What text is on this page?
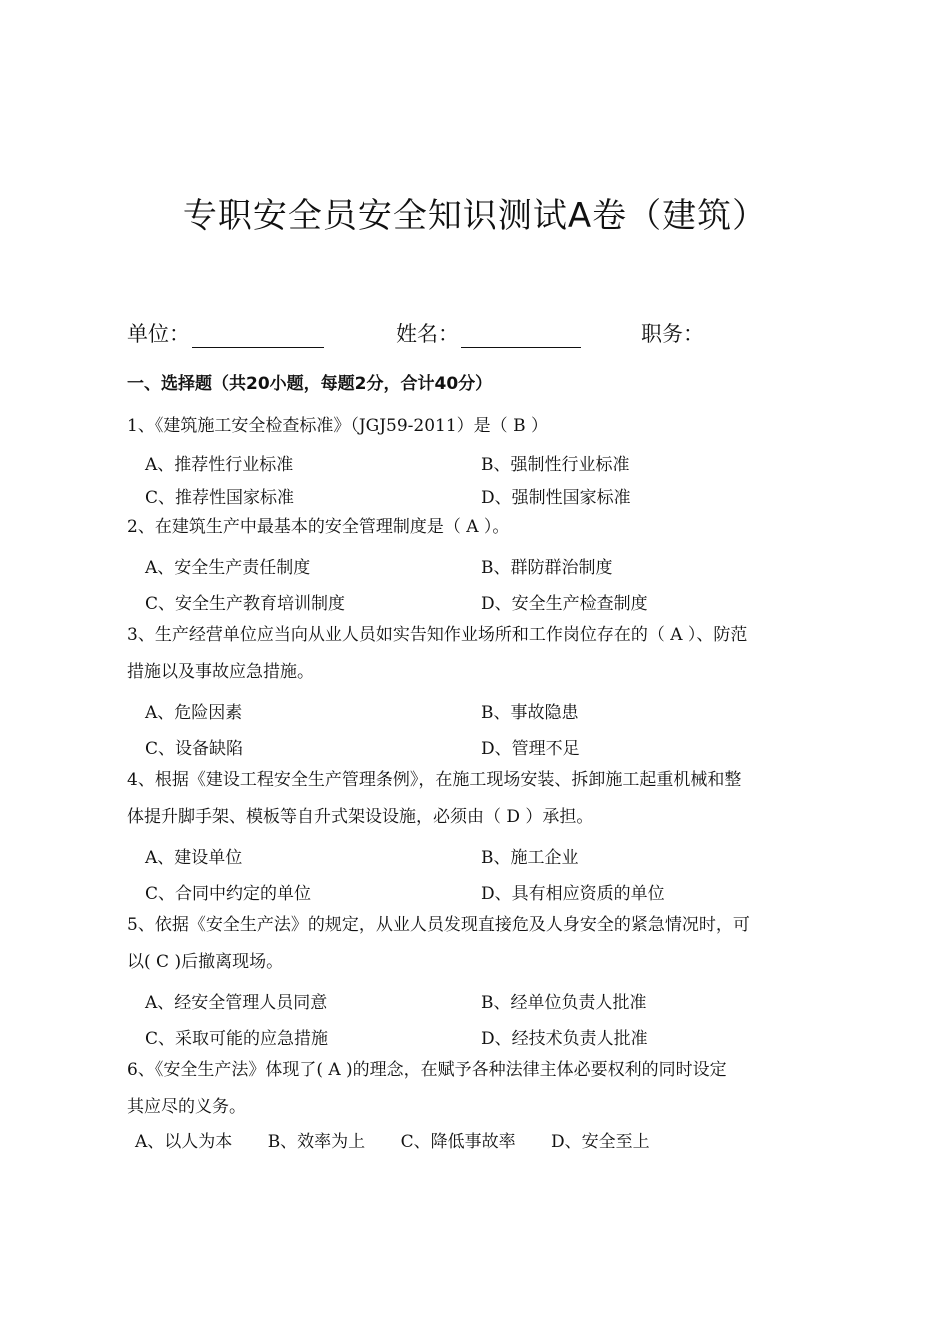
专职安全员安全知识测试A卷（建筑）
单位：	姓名：	职务：
一、选择题（共20小题，每题2分，合计40分）
1、《建筑施工安全检查标准》（JGJ59-2011）是（ B ）
A、推荐性行业标准	B、强制性行业标准
C、推荐性国家标准	D、强制性国家标准
2、在建筑生产中最基本的安全管理制度是（ A ）。
A、安全生产责任制度	B、群防群治制度
C、安全生产教育培训制度	D、安全生产检查制度
3、生产经营单位应当向从业人员如实告知作业场所和工作岗位存在的（ A ）、防范
措施以及事故应急措施。
A、危险因素	B、事故隐患
C、设备缺陷	D、管理不足
4、根据《建设工程安全生产管理条例》，在施工现场安装、拆卸施工起重机械和整
体提升脚手架、模板等自升式架设设施，必须由（ D ）承担。
A、建设单位	B、施工企业
C、合同中约定的单位	D、具有相应资质的单位
5、依据《安全生产法》的规定，从业人员发现直接危及人身安全的紧急情况时，可
以( C )后撤离现场。
A、经安全管理人员同意	B、经单位负责人批准
C、采取可能的应急措施	D、经技术负责人批准
6、《安全生产法》体现了( A )的理念，在赋予各种法律主体必要权利的同时设定
其应尽的义务。
A、以人为本 B、效率为上 C、降低事故率 D、安全至上
